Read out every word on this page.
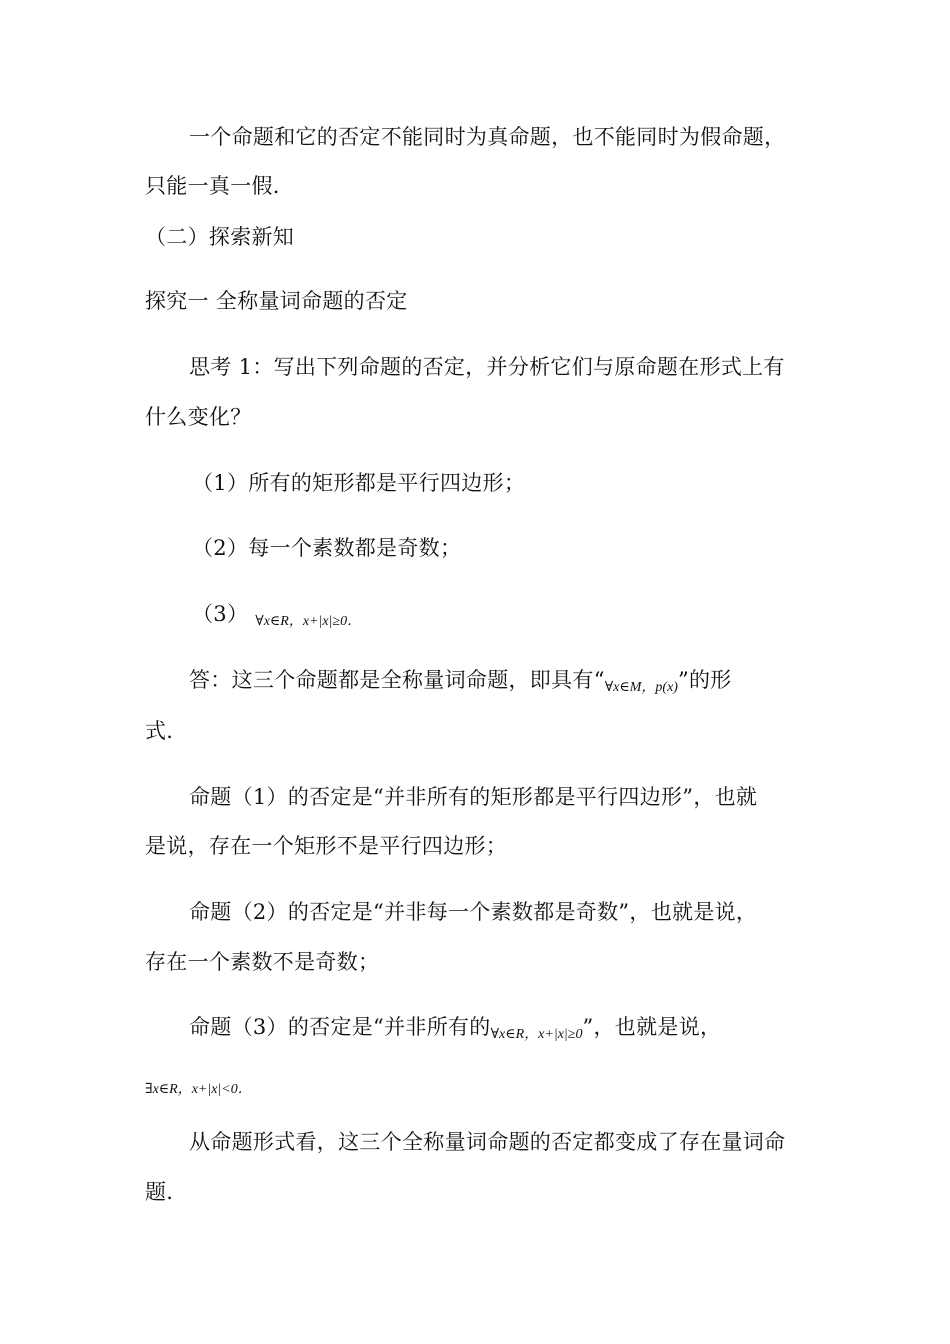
一个命题和它的否定不能同时为真命题，也不能同时为假命题，
只能一真一假.
（二）探索新知
探究一 全称量词命题的否定
思考 1：写出下列命题的否定，并分析它们与原命题在形式上有
什么变化？
（1）所有的矩形都是平行四边形；
（2）每一个素数都是奇数；
（3） ∀x∈R，x+|x|≥0．
答：这三个命题都是全称量词命题，即具有“∀x∈M，p(x)”的形
式.
命题（1）的否定是“并非所有的矩形都是平行四边形”，也就
是说，存在一个矩形不是平行四边形；
命题（2）的否定是“并非每一个素数都是奇数”，也就是说，
存在一个素数不是奇数；
命题（3）的否定是“并非所有的∀x∈R，x+|x|≥0”，也就是说，
∃x∈R，x+|x|<0．
从命题形式看，这三个全称量词命题的否定都变成了存在量词命
题.
